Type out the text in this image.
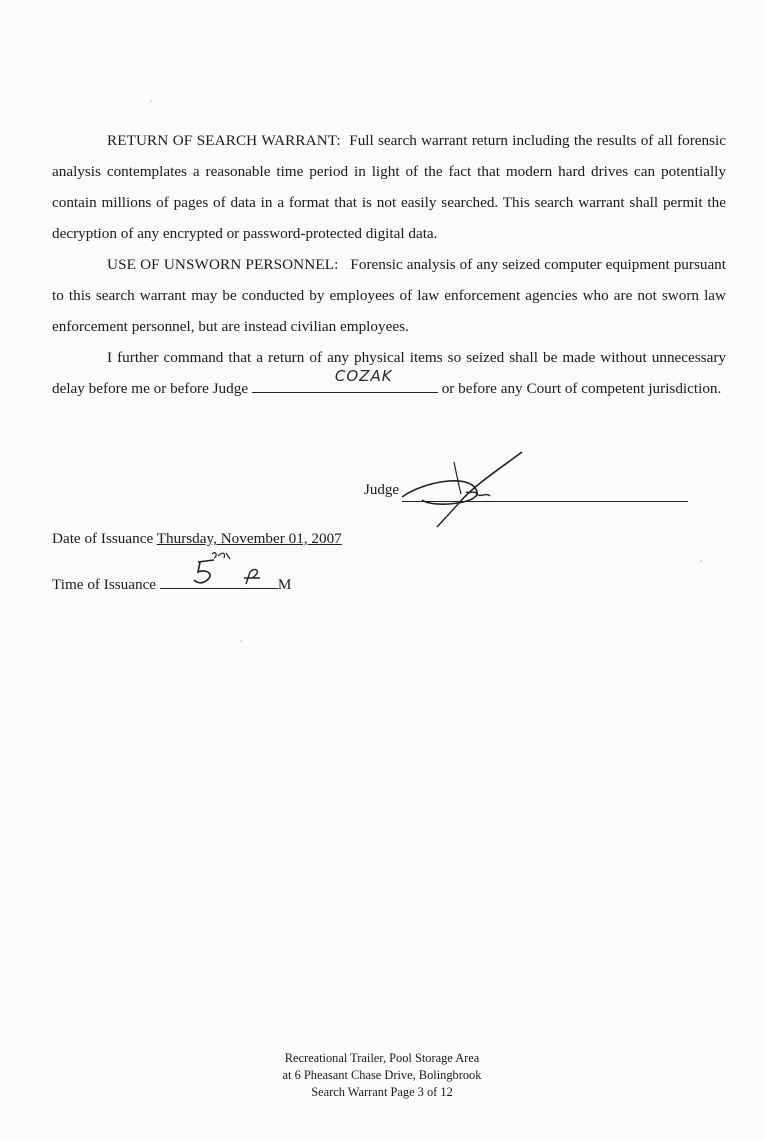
RETURN OF SEARCH WARRANT: Full search warrant return including the results of all forensic analysis contemplates a reasonable time period in light of the fact that modern hard drives can potentially contain millions of pages of data in a format that is not easily searched. This search warrant shall permit the decryption of any encrypted or password-protected digital data.

USE OF UNSWORN PERSONNEL: Forensic analysis of any seized computer equipment pursuant to this search warrant may be conducted by employees of law enforcement agencies who are not sworn law enforcement personnel, but are instead civilian employees.

I further command that a return of any physical items so seized shall be made without unnecessary delay before me or before Judge
COZAK
or before any Court of competent jurisdiction.

Judge
Date of Issuance Thursday, November 01, 2007
Time of Issuance	M
Recreational Trailer, Pool Storage Area
at 6 Pheasant Chase Drive, Bolingbrook
Search Warrant Page 3 of 12
